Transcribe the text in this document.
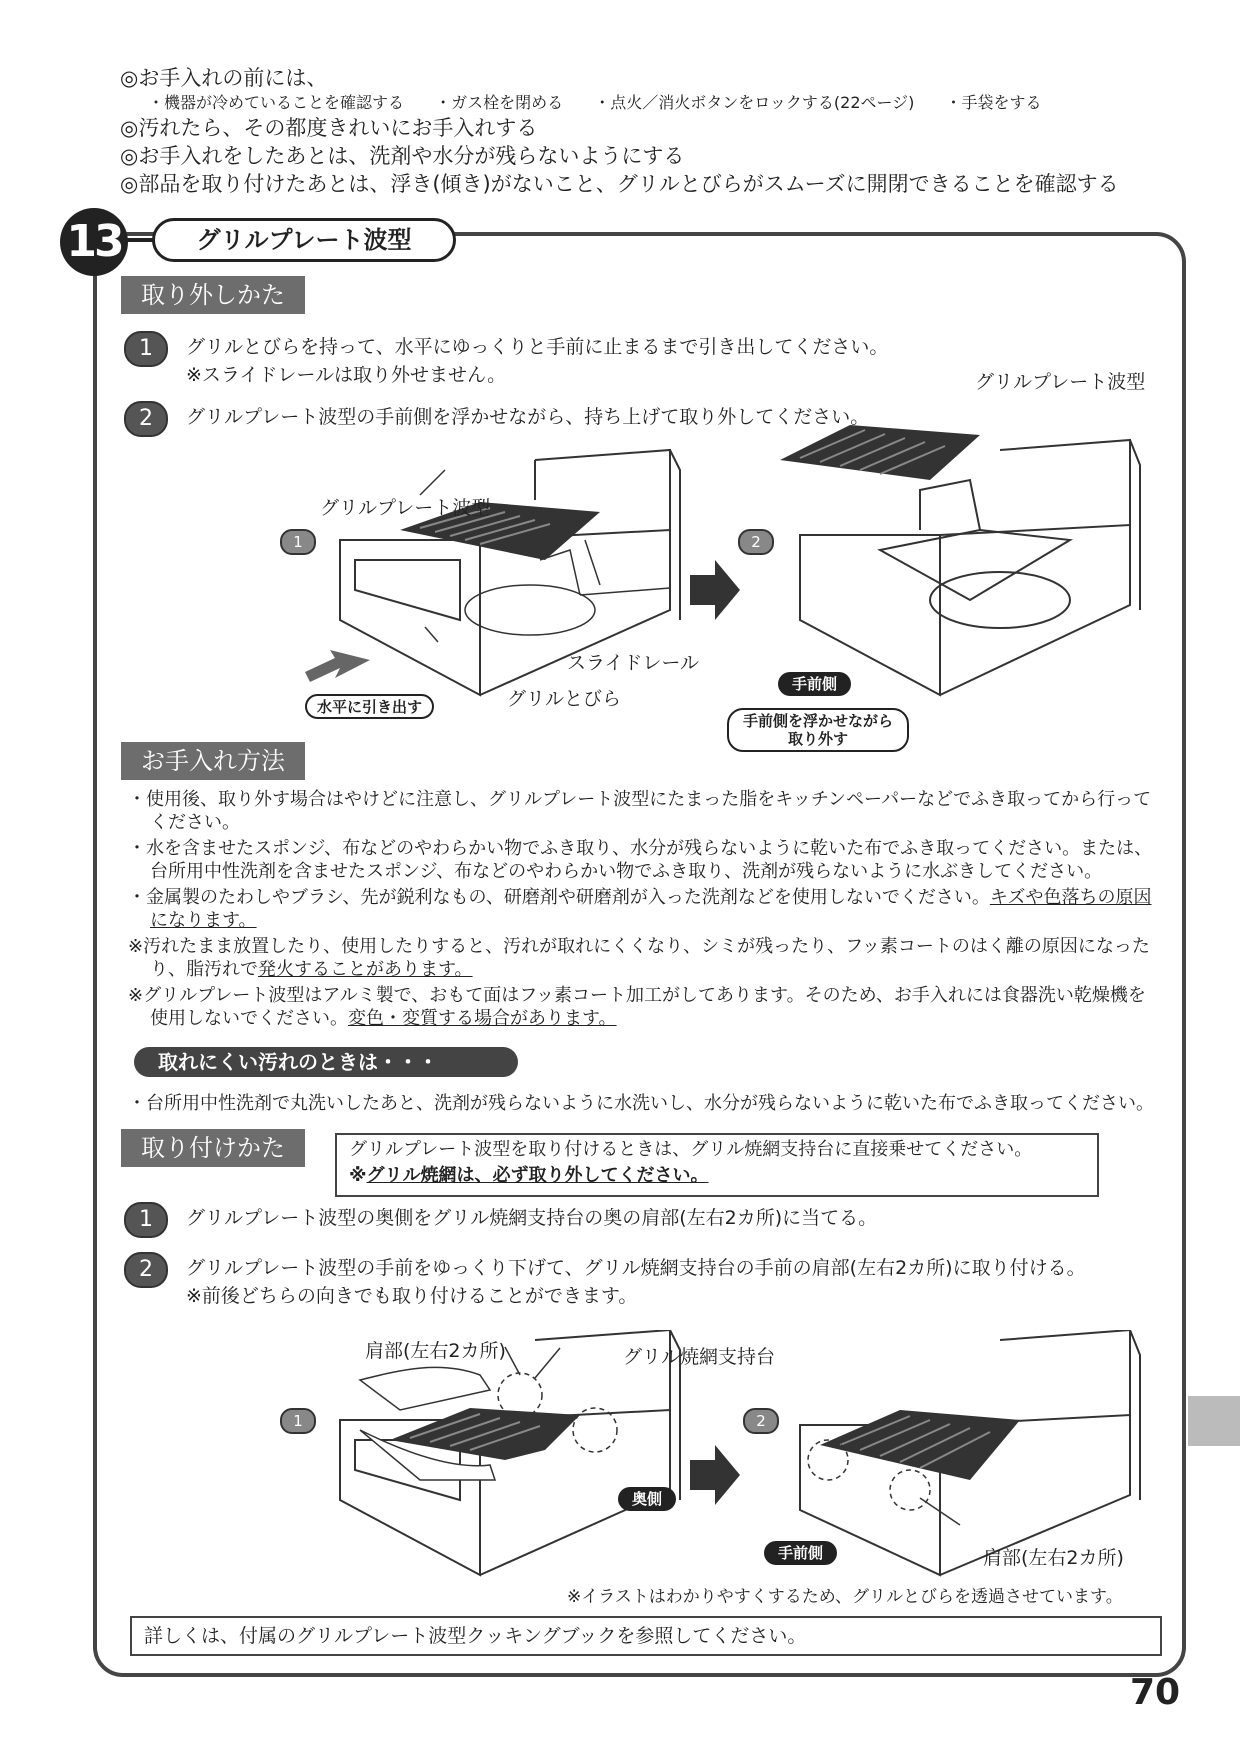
◎お手入れの前には、
・機器が冷めていることを確認する ・ガス栓を閉める ・点火／消火ボタンをロックする(22ページ) ・手袋をする
◎汚れたら、その都度きれいにお手入れする
◎お手入れをしたあとは、洗剤や水分が残らないようにする
◎部品を取り付けたあとは、浮き(傾き)がないこと、グリルとびらがスムーズに開閉できることを確認する
13	グリルプレート波型
取り外しかた
1	グリルとびらを持って、水平にゆっくりと手前に止まるまで引き出してください。
※スライドレールは取り外せません。
2	グリルプレート波型の手前側を浮かせながら、持ち上げて取り外してください。
グリルプレート波型
グリルプレート波型
1	2
スライドレール
グリルとびら
水平に引き出す
手前側
手前側を浮かせながら
取り外す
お手入れ方法
・使用後、取り外す場合はやけどに注意し、グリルプレート波型にたまった脂をキッチンペーパーなどでふき取ってから行ってください。
・水を含ませたスポンジ、布などのやわらかい物でふき取り、水分が残らないように乾いた布でふき取ってください。または、台所用中性洗剤を含ませたスポンジ、布などのやわらかい物でふき取り、洗剤が残らないように水ぶきしてください。
・金属製のたわしやブラシ、先が鋭利なもの、研磨剤や研磨剤が入った洗剤などを使用しないでください。キズや色落ちの原因になります。
※汚れたまま放置したり、使用したりすると、汚れが取れにくくなり、シミが残ったり、フッ素コートのはく離の原因になったり、脂汚れで発火することがあります。
※グリルプレート波型はアルミ製で、おもて面はフッ素コート加工がしてあります。そのため、お手入れには食器洗い乾燥機を使用しないでください。変色・変質する場合があります。
取れにくい汚れのときは・・・
・台所用中性洗剤で丸洗いしたあと、洗剤が残らないように水洗いし、水分が残らないように乾いた布でふき取ってください。
取り付けかた	グリルプレート波型を取り付けるときは、グリル焼網支持台に直接乗せてください。
※グリル焼網は、必ず取り外してください。
1	グリルプレート波型の奥側をグリル焼網支持台の奥の肩部(左右2カ所)に当てる。
2	グリルプレート波型の手前をゆっくり下げて、グリル焼網支持台の手前の肩部(左右2カ所)に取り付ける。
※前後どちらの向きでも取り付けることができます。
肩部(左右2カ所)	グリル焼網支持台
1	2
奥側
手前側	肩部(左右2カ所)
※イラストはわかりやすくするため、グリルとびらを透過させています。
詳しくは、付属のグリルプレート波型クッキングブックを参照してください。
70
